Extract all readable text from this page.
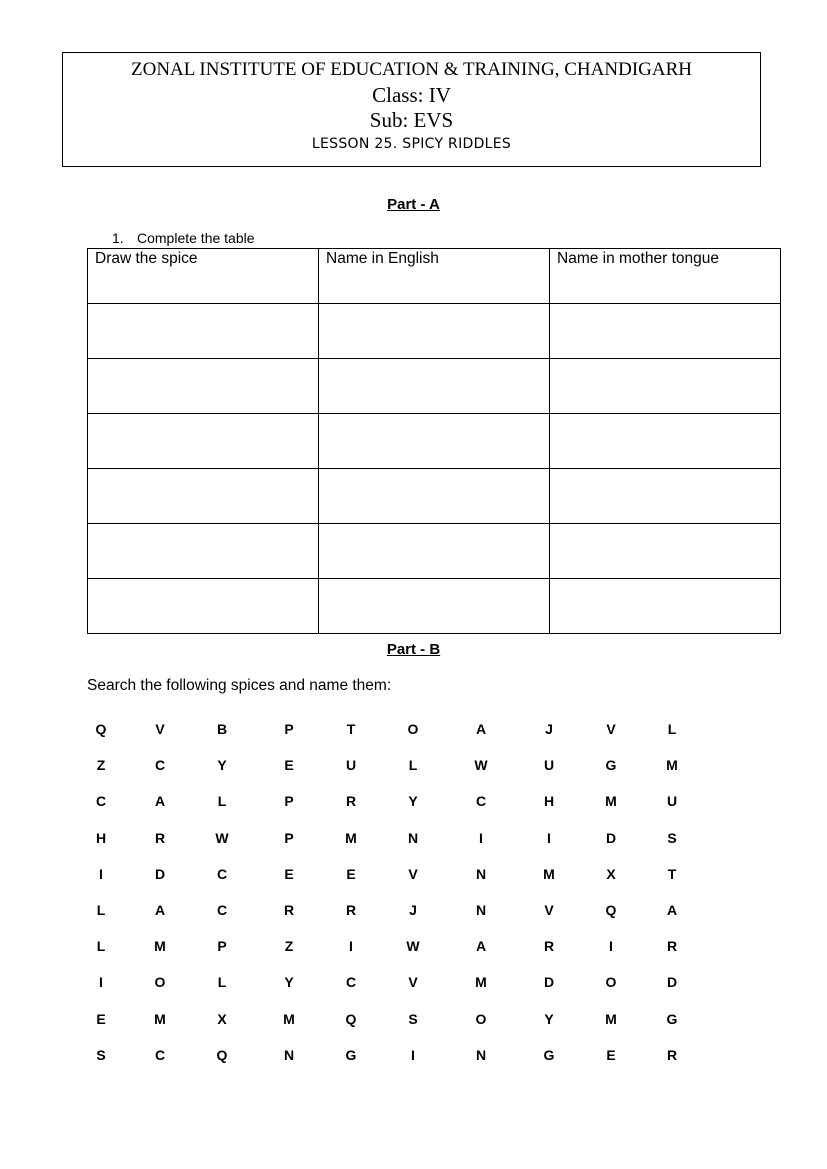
ZONAL INSTITUTE OF EDUCATION & TRAINING, CHANDIGARH
Class: IV
Sub: EVS
LESSON 25. SPICY RIDDLES
Part - A
1. Complete the table
Draw the spice	Name in English	Name in mother tongue

Part - B
Search the following spices and name them:
Q	V	B	P	T	O	A	J	V	L
Z	C	Y	E	U	L	W	U	G	M
C	A	L	P	R	Y	C	H	M	U
H	R	W	P	M	N	I	I	D	S
I	D	C	E	E	V	N	M	X	T
L	A	C	R	R	J	N	V	Q	A
L	M	P	Z	I	W	A	R	I	R
I	O	L	Y	C	V	M	D	O	D
E	M	X	M	Q	S	O	Y	M	G
S	C	Q	N	G	I	N	G	E	R
